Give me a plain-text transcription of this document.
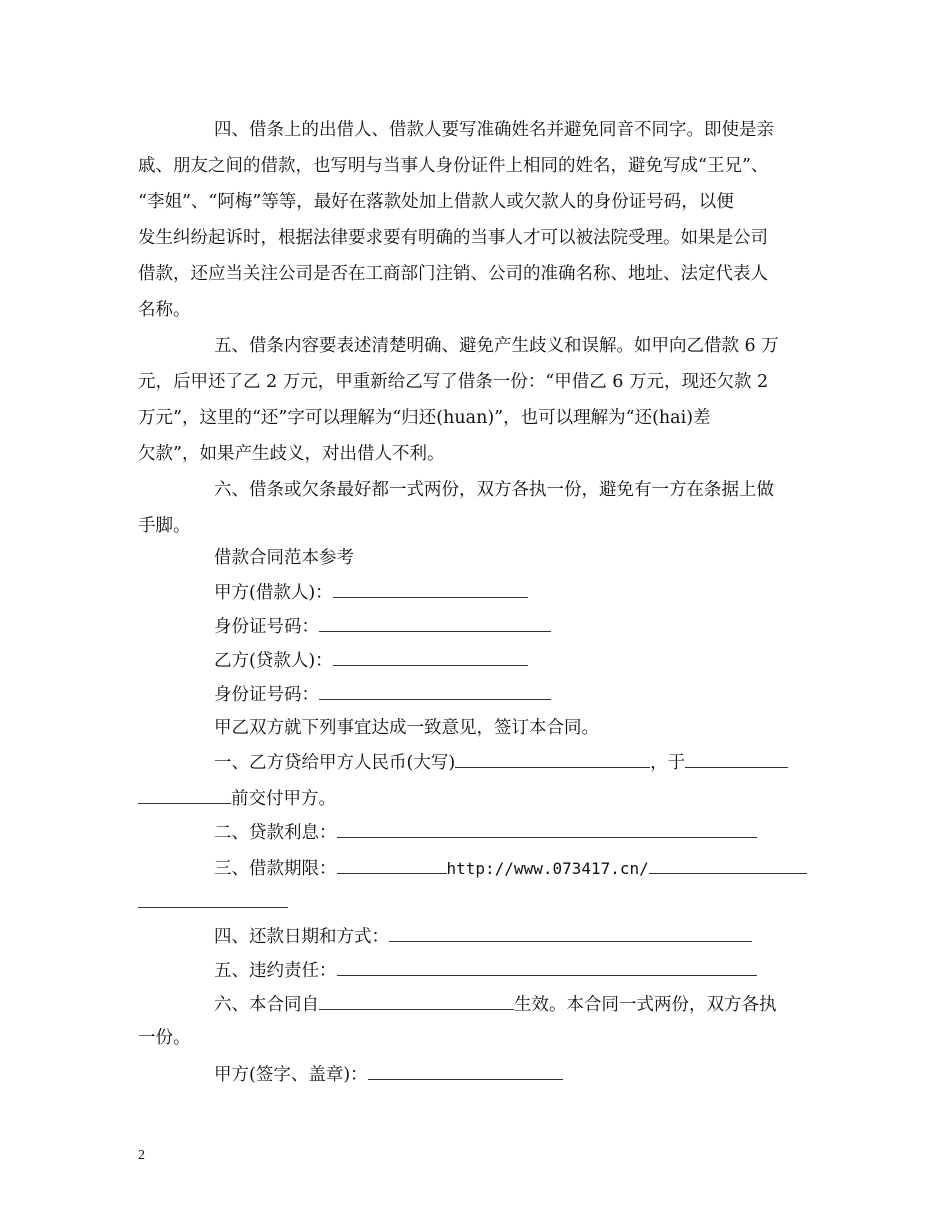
四、借条上的出借人、借款人要写准确姓名并避免同音不同字。即使是亲
戚、朋友之间的借款，也写明与当事人身份证件上相同的姓名，避免写成“王兄”、
“李姐”、“阿梅”等等，最好在落款处加上借款人或欠款人的身份证号码，以便
发生纠纷起诉时，根据法律要求要有明确的当事人才可以被法院受理。如果是公司
借款，还应当关注公司是否在工商部门注销、公司的准确名称、地址、法定代表人
名称。
五、借条内容要表述清楚明确、避免产生歧义和误解。如甲向乙借款 6 万
元，后甲还了乙 2 万元，甲重新给乙写了借条一份：“甲借乙 6 万元，现还欠款 2
万元”，这里的“还”字可以理解为“归还(huan)”，也可以理解为“还(hai)差
欠款”，如果产生歧义，对出借人不利。
六、借条或欠条最好都一式两份，双方各执一份，避免有一方在条据上做
手脚。
借款合同范本参考
甲方(借款人)：
身份证号码：
乙方(贷款人)：
身份证号码：
甲乙双方就下列事宜达成一致意见，签订本合同。
一、乙方贷给甲方人民币(大写)	，于
前交付甲方。
二、贷款利息：
三、借款期限：	http://www.073417.cn/
四、还款日期和方式：
五、违约责任：
六、本合同自	生效。本合同一式两份，双方各执
一份。
甲方(签字、盖章)：
2
